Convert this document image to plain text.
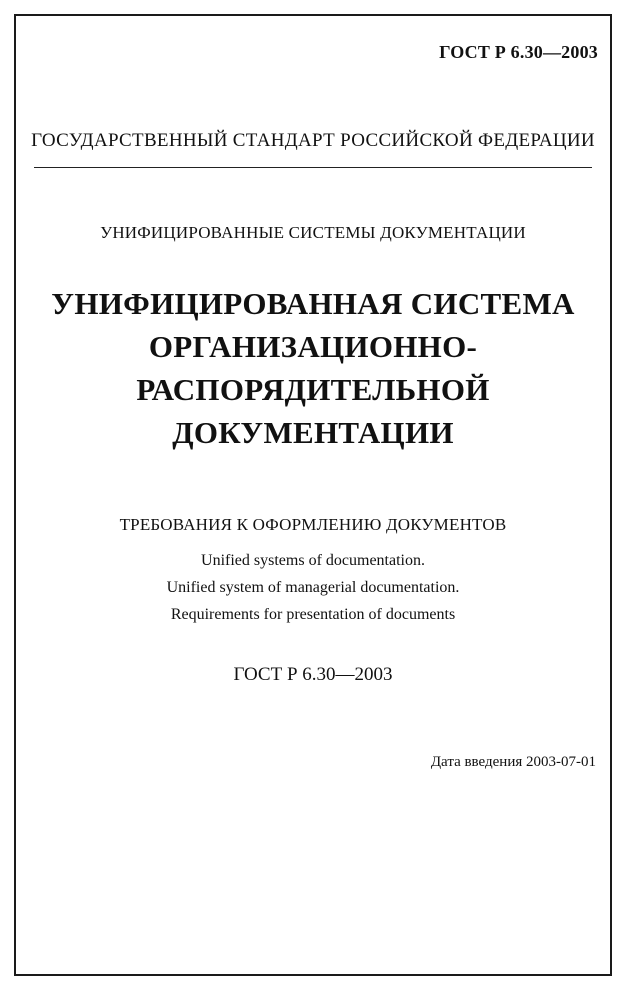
ГОСТ Р 6.30—2003
ГОСУДАРСТВЕННЫЙ СТАНДАРТ РОССИЙСКОЙ ФЕДЕРАЦИИ
УНИФИЦИРОВАННЫЕ СИСТЕМЫ ДОКУМЕНТАЦИИ
УНИФИЦИРОВАННАЯ СИСТЕМА
ОРГАНИЗАЦИОННО-
РАСПОРЯДИТЕЛЬНОЙ
ДОКУМЕНТАЦИИ
ТРЕБОВАНИЯ К ОФОРМЛЕНИЮ ДОКУМЕНТОВ
Unified systems of documentation.
Unified system of managerial documentation.
Requirements for presentation of documents
ГОСТ Р 6.30—2003
Дата введения 2003-07-01
